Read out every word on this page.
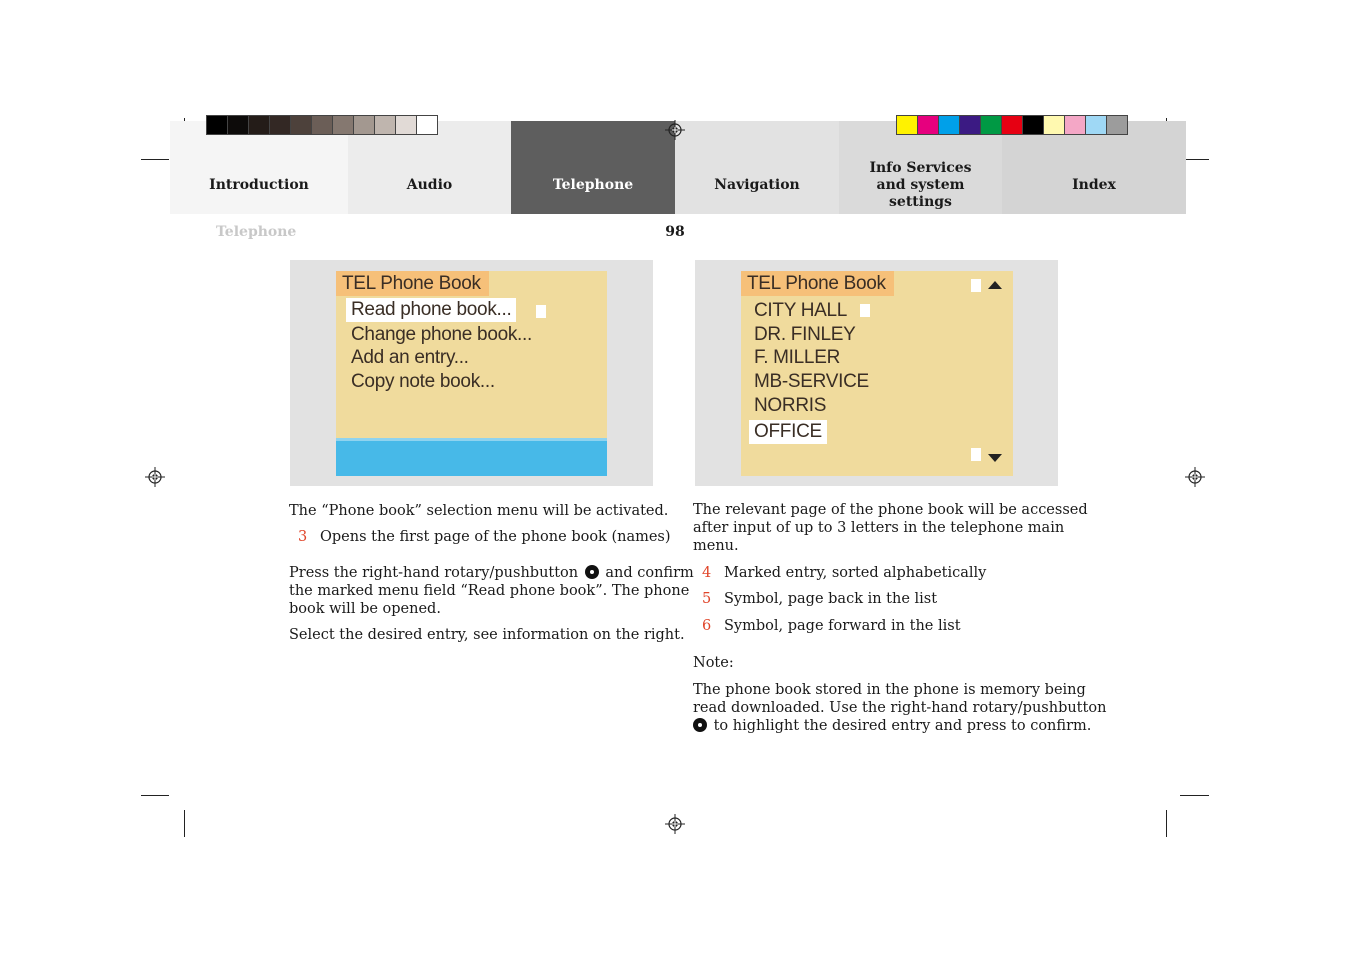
Introduction	Audio	Telephone	Navigation
Info Services and system settings
Index
Telephone	98
TEL Phone Book
Read phone book...
Change phone book...
Add an entry...
Copy note book...
TEL Phone Book
CITY HALL
DR. FINLEY
F. MILLER
MB-SERVICE
NORRIS
OFFICE
The “Phone book” selection menu will be activated.
3 Opens the first page of the phone book (names)
Press the right-hand rotary/pushbutton and confirm
the marked menu field “Read phone book”. The phone
book will be opened.
Select the desired entry, see information on the right.
The relevant page of the phone book will be accessed
after input of up to 3 letters in the telephone main
menu.
4 Marked entry, sorted alphabetically
5 Symbol, page back in the list
6 Symbol, page forward in the list
Note:
The phone book stored in the phone is memory being
read downloaded. Use the right-hand rotary/pushbutton
to highlight the desired entry and press to confirm.
